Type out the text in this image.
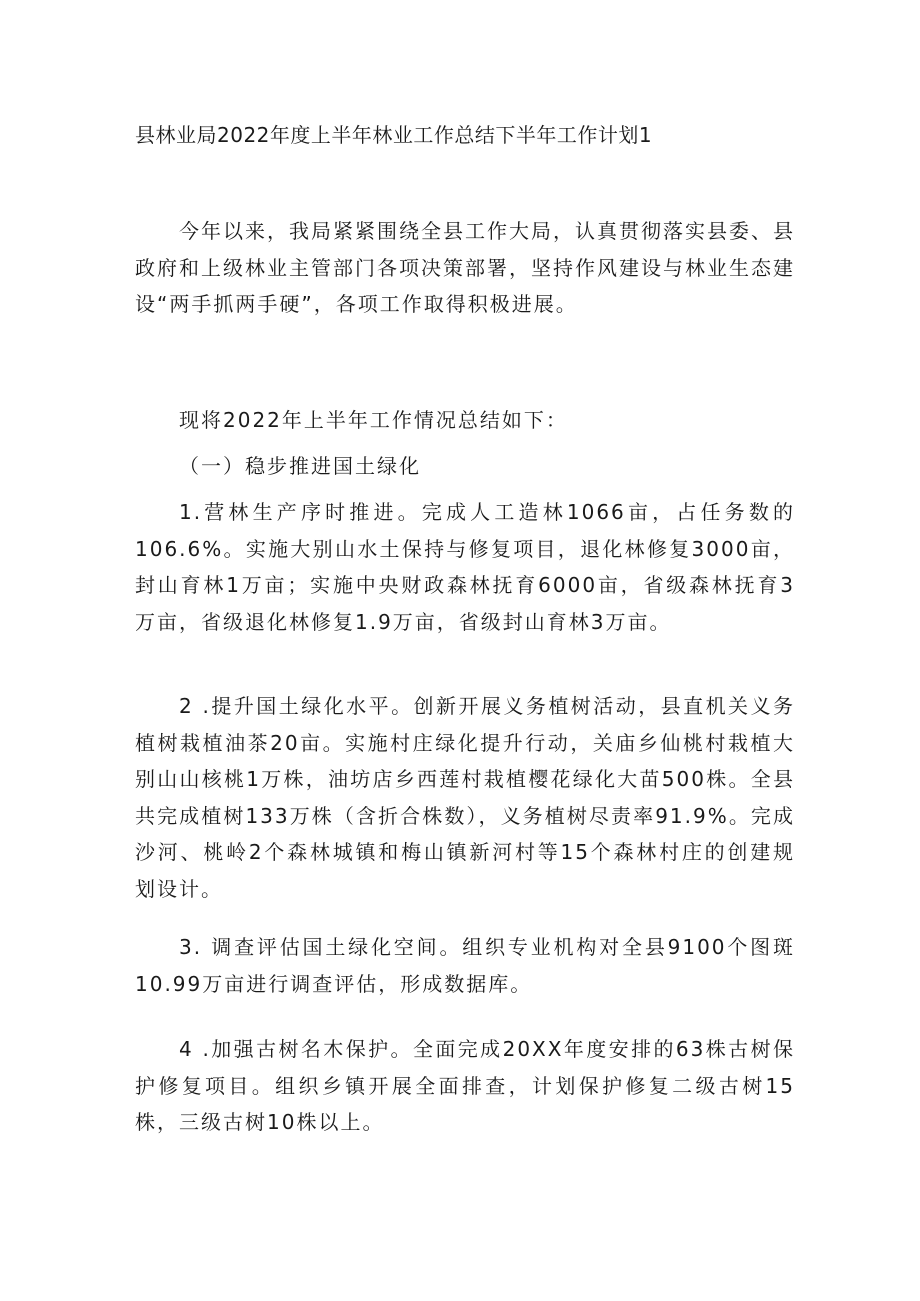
县林业局2022年度上半年林业工作总结下半年工作计划1

今年以来，我局紧紧围绕全县工作大局，认真贯彻落实县委、县政府和上级林业主管部门各项决策部署，坚持作风建设与林业生态建设“两手抓两手硬”，各项工作取得积极进展。

现将2022年上半年工作情况总结如下：

（一）稳步推进国土绿化

1.营林生产序时推进。完成人工造林1066亩，占任务数的106.6%。实施大别山水土保持与修复项目，退化林修复3000亩，封山育林1万亩；实施中央财政森林抚育6000亩，省级森林抚育3万亩，省级退化林修复1.9万亩，省级封山育林3万亩。

2 .提升国土绿化水平。创新开展义务植树活动，县直机关义务植树栽植油茶20亩。实施村庄绿化提升行动，关庙乡仙桃村栽植大别山山核桃1万株，油坊店乡西莲村栽植樱花绿化大苗500株。全县共完成植树133万株（含折合株数），义务植树尽责率91.9%。完成沙河、桃岭2个森林城镇和梅山镇新河村等15个森林村庄的创建规划设计。

3. 调查评估国土绿化空间。组织专业机构对全县9100个图斑10.99万亩进行调查评估，形成数据库。

4 .加强古树名木保护。全面完成20XX年度安排的63株古树保护修复项目。组织乡镇开展全面排查，计划保护修复二级古树15株，三级古树10株以上。
